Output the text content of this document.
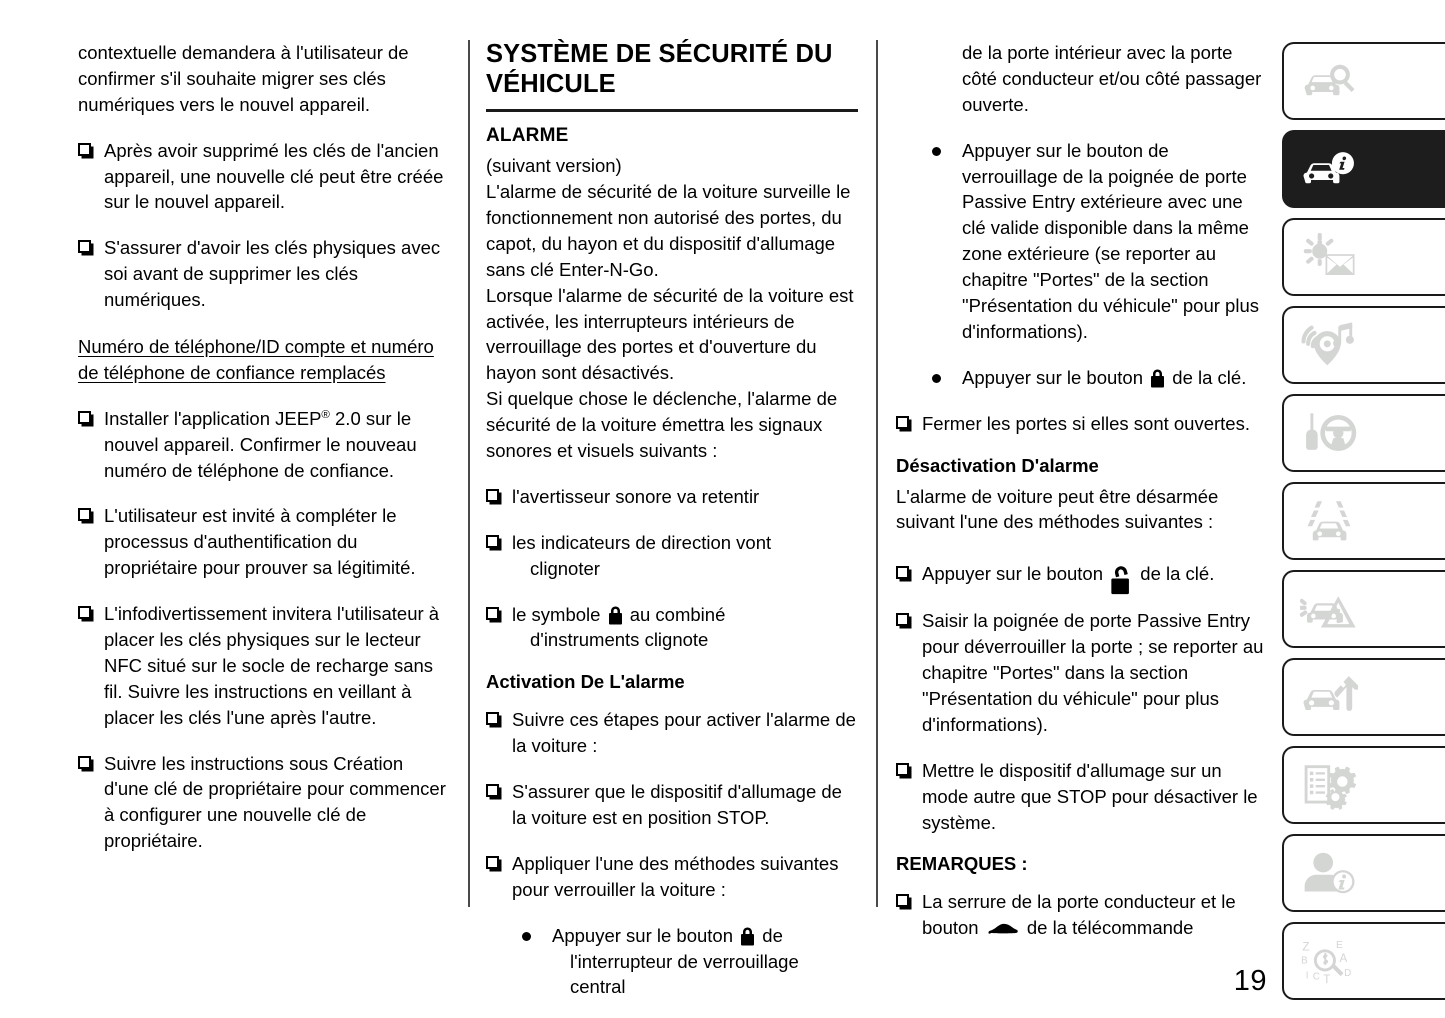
contextuelle demandera à l'utilisateur de confirmer s'il souhaite migrer ses clés numériques vers le nouvel appareil.

Après avoir supprimé les clés de l'ancien appareil, une nouvelle clé peut être créée sur le nouvel appareil.
S'assurer d'avoir les clés physiques avec soi avant de supprimer les clés numériques.

Numéro de téléphone/ID compte et numéro de téléphone de confiance remplacés

Installer l'application JEEP® 2.0 sur le nouvel appareil. Confirmer le nouveau numéro de téléphone de confiance.
L'utilisateur est invité à compléter le processus d'authentification du propriétaire pour prouver sa légitimité.
L'infodivertissement invitera l'utilisateur à placer les clés physiques sur le lecteur NFC situé sur le socle de recharge sans fil. Suivre les instructions en veillant à placer les clés l'une après l'autre.
Suivre les instructions sous Création d'une clé de propriétaire pour commencer à configurer une nouvelle clé de propriétaire.
SYSTÈME DE SÉCURITÉ DU VÉHICULE
ALARME

(suivant version)

L'alarme de sécurité de la voiture surveille le fonctionnement non autorisé des portes, du capot, du hayon et du dispositif d'allumage sans clé Enter-N-Go.

Lorsque l'alarme de sécurité de la voiture est activée, les interrupteurs intérieurs de verrouillage des portes et d'ouverture du hayon sont désactivés.

Si quelque chose le déclenche, l'alarme de sécurité de la voiture émettra les signaux sonores et visuels suivants :

l'avertisseur sonore va retentir
les indicateurs de direction vont
clignoter
le symbole au combiné
d'instruments clignote
Activation De L'alarme
Suivre ces étapes pour activer l'alarme de la voiture :
S'assurer que le dispositif d'allumage de la voiture est en position STOP.
Appliquer l'une des méthodes suivantes pour verrouiller la voiture :
Appuyer sur le bouton de
l'interrupteur de verrouillage central

de la porte intérieur avec la porte côté conducteur et/ou côté passager ouverte.

Appuyer sur le bouton de verrouillage de la poignée de porte Passive Entry extérieure avec une clé valide disponible dans la même zone extérieure (se reporter au chapitre "Portes" de la section "Présentation du véhicule" pour plus d'informations).
Appuyer sur le bouton de la clé.
Fermer les portes si elles sont ouvertes.
Désactivation D'alarme

L'alarme de voiture peut être désarmée suivant l'une des méthodes suivantes :

Appuyer sur le bouton de la clé.
Saisir la poignée de porte Passive Entry pour déverrouiller la porte ; se reporter au chapitre "Portes" dans la section "Présentation du véhicule" pour plus d'informations).
Mettre le dispositif d'allumage sur un mode autre que STOP pour désactiver le système.
REMARQUES :
La serrure de la porte conducteur et le bouton	de la télécommande
Z
B
I C T
E
A
D
19
